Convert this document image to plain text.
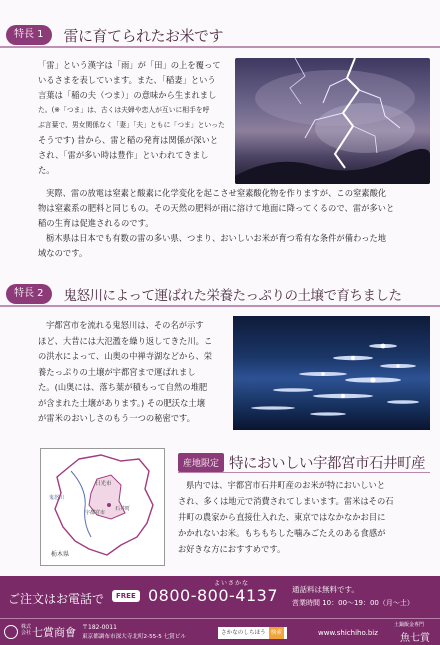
特長 1	雷に育てられたお米です
「雷」という漢字は「雨」が「田」の上を覆って
いるさまを表しています。また、「稲妻」という
言葉は「稲の夫（つま）」の意味から生まれまし
た。(※「つま」は、古くは夫婦や恋人が互いに相手を呼
ぶ言葉で、男女関係なく「妻」「夫」ともに「つま」といった
そうです) 昔から、雷と稲の発育は関係が深いと
され、「雷が多い時は豊作」といわれてきまし
た。
実際、雷の放電は窒素と酸素に化学変化を起こさせ窒素酸化物を作りますが、この窒素酸化
物は窒素系の肥料と同じもの。その天然の肥料が雨に溶けて地面に降ってくるので、雷が多いと
稲の生育は促進されるのです。
栃木県は日本でも有数の雷の多い県、つまり、おいしいお米が育つ希有な条件が備わった地
域なのです。
特長 2	鬼怒川によって運ばれた栄養たっぷりの土壌で育ちました
宇都宮市を流れる鬼怒川は、その名が示す
ほど、大昔には大氾濫を繰り返してきた川。こ
の洪水によって、山奥の中禅寺湖などから、栄
養たっぷりの土壌が宇都宮まで運ばれまし
た。(山奥には、落ち葉が積もって自然の堆肥
が含まれた土壌があります。) その肥沃な土壌
が雷米のおいしさのもう一つの秘密です。
日光市
鬼怒川
宇都宮市
石井町
栃木県
産地限定 特においしい宇都宮市石井町産
県内では、宇都宮市石井町産のお米が特においしいと
され、多くは地元で消費されてしまいます。雷米はその石
井町の農家から直接仕入れた、東京ではなかなかお目に
かかれないお米。もちもちした噛みごたえのある食感が
お好きな方におすすめです。
ご注文はお電話で	FREE
よいさかな
0800-800-4137 通話料は無料です。
営業時間 10：00～19：00（月～土）
株式会社 七賞商會 〒182-0011
東京都調布市深大寺北町2-55-5 七賞ビル
さかなのしちほう 検索	www.shichiho.biz
土鍋飯金専門
魚七賞
